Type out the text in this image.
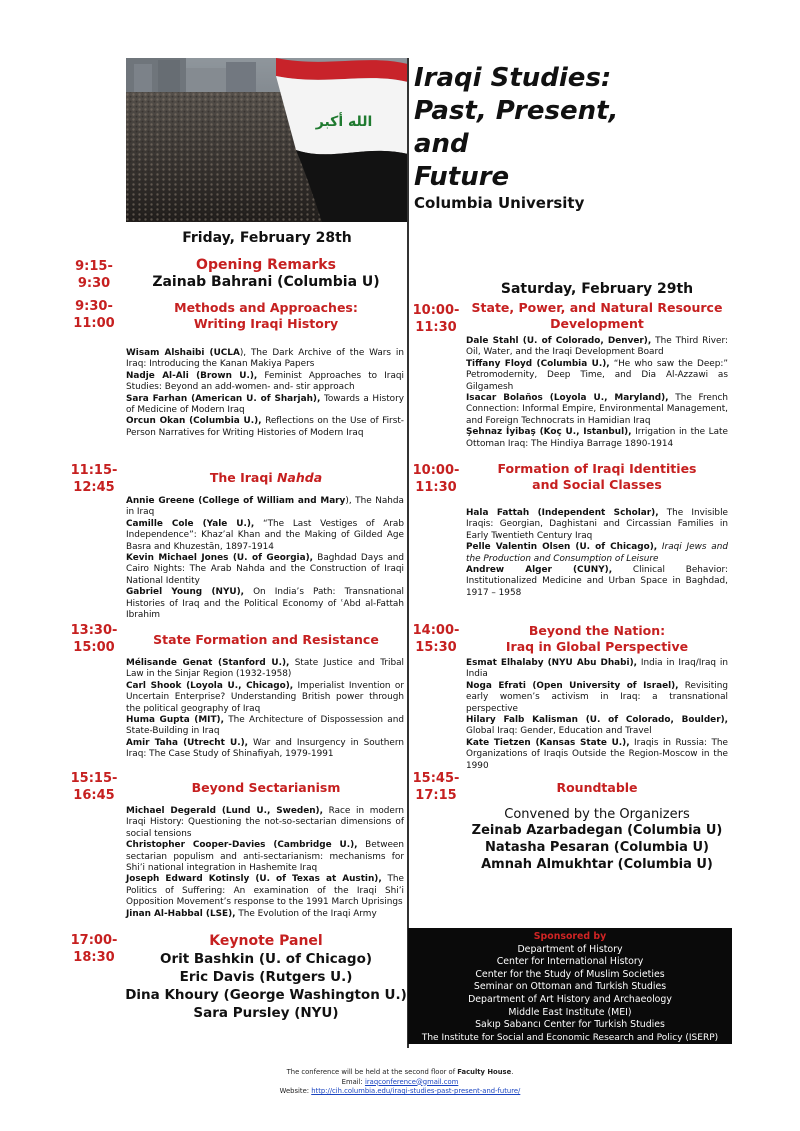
الله أكبر
Iraqi Studies:
Past, Present,
and
Future
Columbia University
Friday, February 28th
9:15-
9:30
Opening Remarks
Zainab Bahrani (Columbia U)
9:30-
11:00
Methods and Approaches:
Writing Iraqi History

Wisam Alshaibi (UCLA), The Dark Archive of the Wars in Iraq: Introducing the Kanan Makiya Papers

Nadje Al-Ali (Brown U.), Feminist Approaches to Iraqi Studies: Beyond an add-women- and- stir approach

Sara Farhan (American U. of Sharjah), Towards a History of Medicine of Modern Iraq

Orcun Okan (Columbia U.), Reflections on the Use of First-Person Narratives for Writing Histories of Modern Iraq

11:15-
12:45
The Iraqi Nahda

Annie Greene (College of William and Mary), The Nahda in Iraq

Camille Cole (Yale U.), “The Last Vestiges of Arab Independence”: Khaz’al Khan and the Making of Gilded Age Basra and Khuzestān, 1897-1914

Kevin Michael Jones (U. of Georgia), Baghdad Days and Cairo Nights: The Arab Nahda and the Construction of Iraqi National Identity

Gabriel Young (NYU), On India’s Path: Transnational Histories of Iraq and the Political Economy of ʿAbd al-Fattah Ibrahim

13:30-
15:00
State Formation and Resistance

Mélisande Genat (Stanford U.), State Justice and Tribal Law in the Sinjar Region (1932-1958)

Carl Shook (Loyola U., Chicago), Imperialist Invention or Uncertain Enterprise? Understanding British power through the political geography of Iraq

Huma Gupta (MIT), The Architecture of Dispossession and State-Building in Iraq

Amir Taha (Utrecht U.), War and Insurgency in Southern Iraq: The Case Study of Shinafiyah, 1979-1991

15:15-
16:45
Beyond Sectarianism

Michael Degerald (Lund U., Sweden), Race in modern Iraqi History: Questioning the not-so-sectarian dimensions of social tensions

Christopher Cooper-Davies (Cambridge U.), Between sectarian populism and anti-sectarianism: mechanisms for Shi’i national integration in Hashemite Iraq

Joseph Edward Kotinsly (U. of Texas at Austin), The Politics of Suffering: An examination of the Iraqi Shi’i Opposition Movement’s response to the 1991 March Uprisings

Jinan Al-Habbal (LSE), The Evolution of the Iraqi Army

17:00-
18:30
Keynote Panel
Orit Bashkin (U. of Chicago)
Eric Davis (Rutgers U.)
Dina Khoury (George Washington U.)
Sara Pursley (NYU)
Saturday, February 29th
10:00-
11:30
State, Power, and Natural Resource
Development

Dale Stahl (U. of Colorado, Denver), The Third River: Oil, Water, and the Iraqi Development Board

Tiffany Floyd (Columbia U.), “He who saw the Deep:” Petromodernity, Deep Time, and Dia Al-Azzawi as Gilgamesh

Isacar Bolaños (Loyola U., Maryland), The French Connection: Informal Empire, Environmental Management, and Foreign Technocrats in Hamidian Iraq

Şehnaz İyibaş (Koç U., Istanbul), Irrigation in the Late Ottoman Iraq: The Hindiya Barrage 1890-1914

10:00-
11:30
Formation of Iraqi Identities
and Social Classes

Hala Fattah (Independent Scholar), The Invisible Iraqis: Georgian, Daghistani and Circassian Families in Early Twentieth Century Iraq

Pelle Valentin Olsen (U. of Chicago), Iraqi Jews and the Production and Consumption of Leisure

Andrew Alger (CUNY), Clinical Behavior: Institutionalized Medicine and Urban Space in Baghdad, 1917 – 1958

14:00-
15:30
Beyond the Nation:
Iraq in Global Perspective

Esmat Elhalaby (NYU Abu Dhabi), India in Iraq/Iraq in India

Noga Efrati (Open University of Israel), Revisiting early women’s activism in Iraq: a transnational perspective

Hilary Falb Kalisman (U. of Colorado, Boulder), Global Iraq: Gender, Education and Travel

Kate Tietzen (Kansas State U.), Iraqis in Russia: The Organizations of Iraqis Outside the Region-Moscow in the 1990

15:45-
17:15
Roundtable
Convened by the Organizers
Zeinab Azarbadegan (Columbia U)
Natasha Pesaran (Columbia U)
Amnah Almukhtar (Columbia U)
Sponsored by
Department of History
Center for International History
Center for the Study of Muslim Societies
Seminar on Ottoman and Turkish Studies
Department of Art History and Archaeology
Middle East Institute (MEI)
Sakıp Sabancı Center for Turkish Studies
The Institute for Social and Economic Research and Policy (ISERP)
The conference will be held at the second floor of Faculty House.
Email: iraqconference@gmail.com
Website: http://cih.columbia.edu/iraqi-studies-past-present-and-future/
